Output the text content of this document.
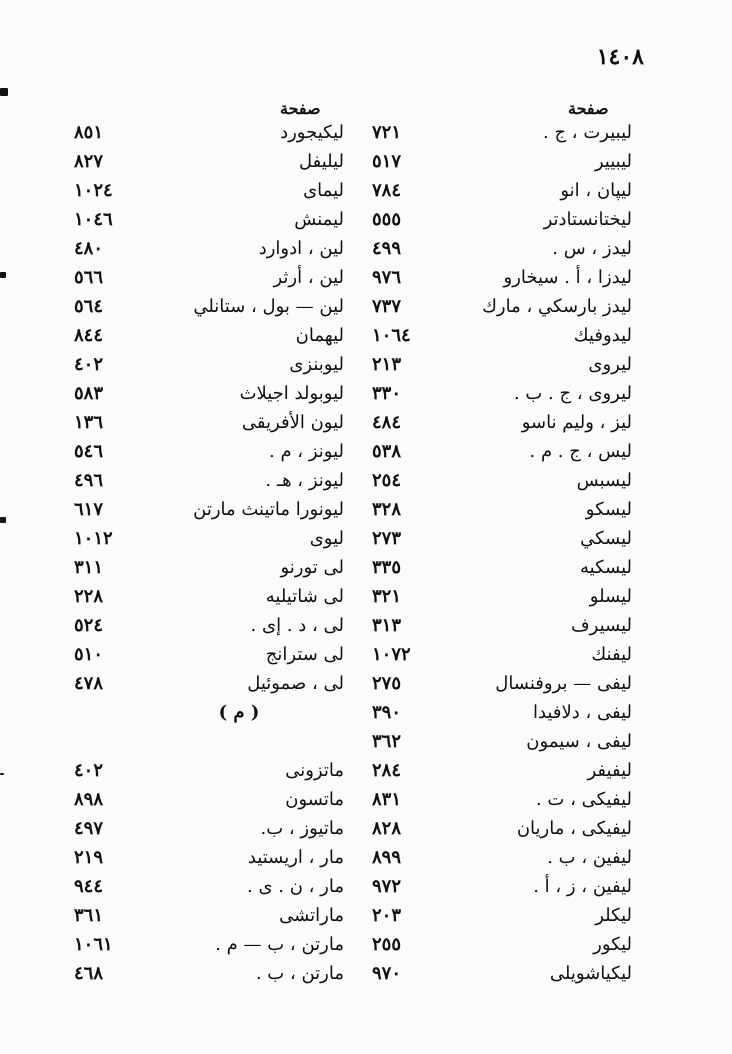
١٤٠٨
صفحة
ليبيرت ، ج .
٧٢١
ليبيير
٥١٧
ليپان ، انو
٧٨٤
ليختانستادتر
٥٥٥
ليدز ، س .
٤٩٩
ليدزا ، أ . سيخارو
٩٧٦
ليدز بارسكي ، مارك
٧٣٧
ليدوفيك
١٠٦٤
ليروى
٢١٣
ليروى ، ج . ب .
٣٣٠
ليز ، وليم ناسو
٤٨٤
ليس ، ج . م .
٥٣٨
ليسبس
٢٥٤
ليسكو
٣٢٨
ليسكي
٢٧٣
ليسكيه
٣٣٥
ليسلو
٣٢١
ليسيرف
٣١٣
ليفنك
١٠٧٢
ليفى — بروفنسال
٢٧٥
ليفى ، دلافيدا
٣٩٠
ليفى ، سيمون
٣٦٢
ليفيفر
٢٨٤
ليفيكى ، ت .
٨٣١
ليفيكى ، ماريان
٨٢٨
ليفين ، ب .
٨٩٩
ليفين ، ز ، أ .
٩٧٢
ليكلر
٢٠٣
ليكور
٢٥٥
ليكياشويلى
٩٧٠
صفحة
ليكيجورد
٨٥١
ليليفل
٨٢٧
ليماى
١٠٢٤
ليمنش
١٠٤٦
لين ، ادوارد
٤٨٠
لين ، أرثر
٥٦٦
لين — بول ، ستانلي
٥٦٤
ليهمان
٨٤٤
ليوبنزى
٤٠٢
ليوبولد اجيلاث
٥٨٣
ليون الأفريقى
١٣٦
ليونز ، م .
٥٤٦
ليونز ، هـ .
٤٩٦
ليونورا ماتينث مارتن
٦١٧
ليوى
١٠١٢
لى تورنو
٣١١
لى شاتيليه
٢٢٨
لى ، د . إى .
٥٢٤
لى سترانج
٥١٠
لى ، صموئيل
٤٧٨
( م )
ماتزونى
٤٠٢
ماتسون
٨٩٨
ماتيوز ، ب.
٤٩٧
مار ، اريستيد
٢١٩
مار ، ن . ى .
٩٤٤
ماراتشى
٣٦١
مارتن ، ب — م .
١٠٦١
مارتن ، ب .
٤٦٨
